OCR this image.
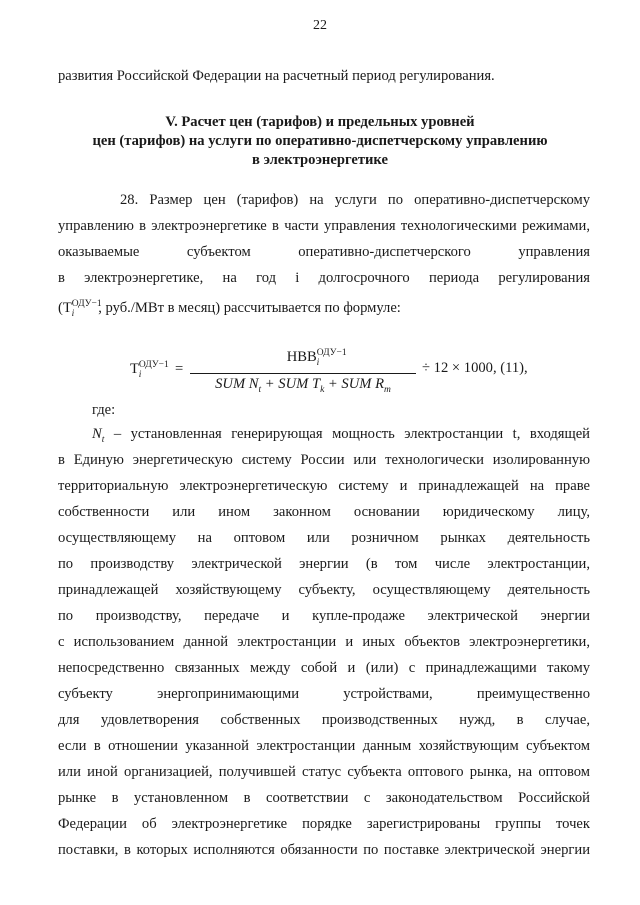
22
развития Российской Федерации на расчетный период регулирования.
V. Расчет цен (тарифов) и предельных уровней
цен (тарифов) на услуги по оперативно-диспетчерскому управлению
в электроэнергетике
28. Размер цен (тарифов) на услуги по оперативно-диспетчерскому
управлению в электроэнергетике в части управления технологическими режимами,
оказываемые субъектом оперативно-диспетчерского управления
в электроэнергетике, на год i долгосрочного периода регулирования
($Т^{ОДУ-1}_i$ , руб./МВт в месяц) рассчитывается по формуле:
$Т^{ОДУ-1}_i$ =
$НВВ^{ОДУ-1}_i$
SUM $N_t$ + SUM $T_k$ + SUM $R_m$
÷ 12 × 1000, (11),
где:
$N_t$ – установленная генерирующая мощность электростанции t, входящей
в Единую энергетическую систему России или технологически изолированную
территориальную электроэнергетическую систему и принадлежащей на праве
собственности или ином законном основании юридическому лицу,
осуществляющему на оптовом или розничном рынках деятельность
по производству электрической энергии (в том числе электростанции,
принадлежащей хозяйствующему субъекту, осуществляющему деятельность
по производству, передаче и купле-продаже электрической энергии
с использованием данной электростанции и иных объектов электроэнергетики,
непосредственно связанных между собой и (или) с принадлежащими такому
субъекту энергопринимающими устройствами, преимущественно
для удовлетворения собственных производственных нужд, в случае,
если в отношении указанной электростанции данным хозяйствующим субъектом
или иной организацией, получившей статус субъекта оптового рынка, на оптовом
рынке в установленном в соответствии с законодательством Российской
Федерации об электроэнергетике порядке зарегистрированы группы точек
поставки, в которых исполняются обязанности по поставке электрической энергии
